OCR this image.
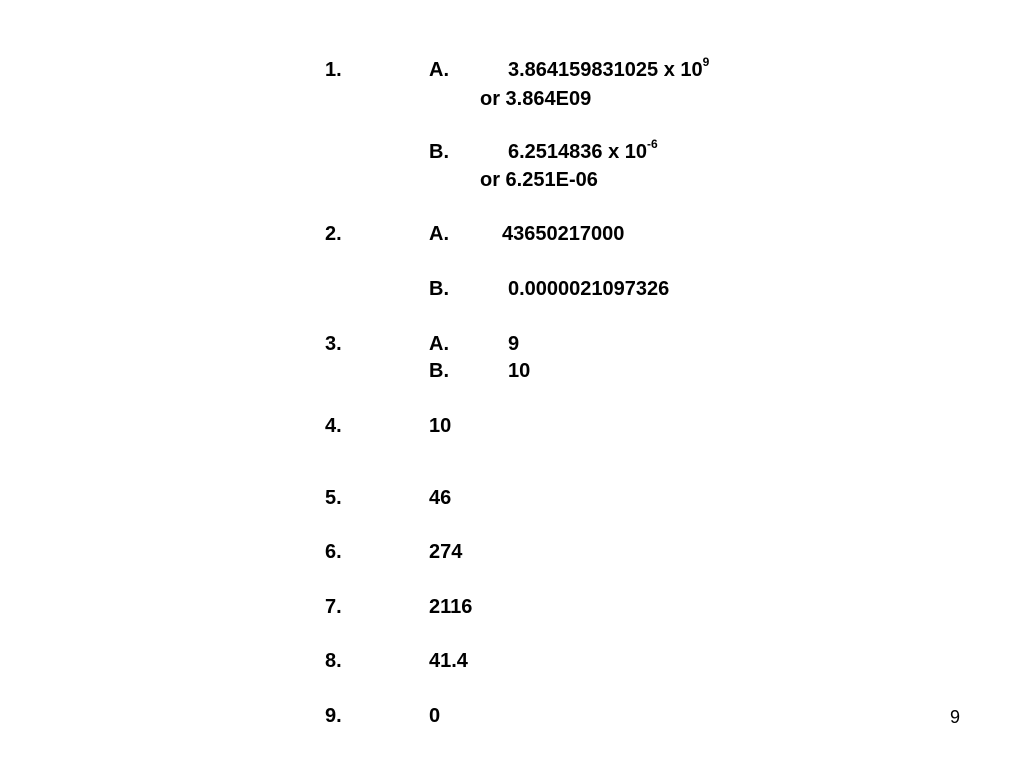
1.	A.	3.864159831025 x $10^9$
or 3.864E09
B.	6.2514836 x $10^{-6}$
or 6.251E-06
2.	A.	43650217000
B.	0.0000021097326
3.	A.	9
B.	10
4.	10
5.	46
6.	274
7.	2116
8.	41.4
9.	0	9
